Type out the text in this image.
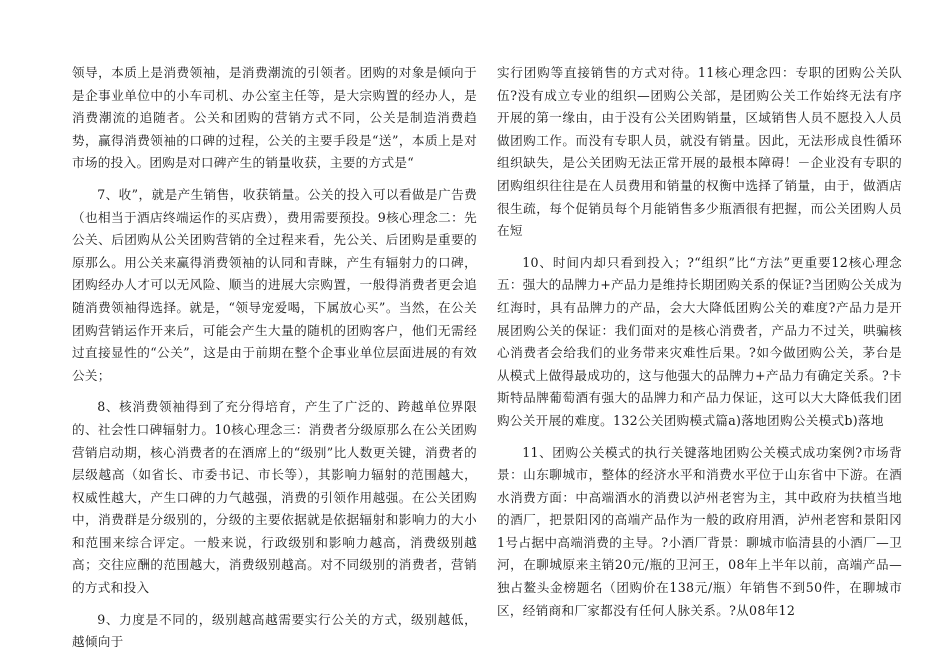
领导，本质上是消费领袖，是消费潮流的引领者。团购的对象是倾向于是企事业单位中的小车司机、办公室主任等，是大宗购置的经办人，是消费潮流的追随者。公关和团购的营销方式不同，公关是制造消费趋势，赢得消费领袖的口碑的过程，公关的主要手段是“送”，本质上是对市场的投入。团购是对口碑产生的销量收获，主要的方式是“

7、收”，就是产生销售，收获销量。公关的投入可以看做是广告费（也相当于酒店终端运作的买店费），费用需要预投。9核心理念二：先公关、后团购从公关团购营销的全过程来看，先公关、后团购是重要的原那么。用公关来赢得消费领袖的认同和青睐，产生有辐射力的口碑，团购经办人才可以无风险、顺当的进展大宗购置，一般得消费者更会追随消费领袖得选择。就是，“领导宠爱喝，下属放心买”。当然，在公关团购营销运作开来后，可能会产生大量的随机的团购客户，他们无需经过直接显性的“公关”，这是由于前期在整个企事业单位层面进展的有效公关；

8、核消费领袖得到了充分得培育，产生了广泛的、跨越单位界限的、社会性口碑辐射力。10核心理念三：消费者分级原那么在公关团购营销启动期，核心消费者的在酒席上的“级别”比人数更关键，消费者的层级越高（如省长、市委书记、市长等），其影响力辐射的范围越大，权威性越大，产生口碑的力气越强，消费的引领作用越强。在公关团购中，消费群是分级别的，分级的主要依据就是依据辐射和影响力的大小和范围来综合评定。一般来说，行政级别和影响力越高，消费级别越高；交往应酬的范围越大，消费级别越高。对不同级别的消费者，营销的方式和投入

9、力度是不同的，级别越高越需要实行公关的方式，级别越低，越倾向于

实行团购等直接销售的方式对待。11核心理念四：专职的团购公关队伍?没有成立专业的组织—团购公关部，是团购公关工作始终无法有序开展的第一缘由，由于没有公关团购销量，区域销售人员不愿投入人员做团购工作。而没有专职人员，就没有销量。因此，无法形成良性循环组织缺失，是公关团购无法正常开展的最根本障碍！－企业没有专职的团购组织往往是在人员费用和销量的权衡中选择了销量，由于，做酒店很生疏，每个促销员每个月能销售多少瓶酒很有把握，而公关团购人员在短

10、时间内却只看到投入；?“组织”比“方法”更重要12核心理念五：强大的品牌力+产品力是维持长期团购关系的保证?当团购公关成为红海时，具有品牌力的产品，会大大降低团购公关的难度?产品力是开展团购公关的保证：我们面对的是核心消费者，产品力不过关，哄骗核心消费者会给我们的业务带来灾难性后果。?如今做团购公关，茅台是从模式上做得最成功的，这与他强大的品牌力+产品力有确定关系。?卡斯特品牌葡萄酒有强大的品牌力和产品力保证，这可以大大降低我们团购公关开展的难度。132公关团购模式篇a)落地团购公关模式b)落地

11、团购公关模式的执行关键落地团购公关模式成功案例?市场背景：山东聊城市，整体的经济水平和消费水平位于山东省中下游。在酒水消费方面：中高端酒水的消费以泸州老窖为主，其中政府为扶植当地的酒厂，把景阳冈的高端产品作为一般的政府用酒，泸州老窖和景阳冈1号占据中高端消费的主导。?小酒厂背景：聊城市临清县的小酒厂—卫河，在聊城原来主销20元/瓶的卫河王，08年上半年以前，高端产品—独占鳌头金榜题名（团购价在138元/瓶）年销售不到50件，在聊城市区，经销商和厂家都没有任何人脉关系。?从08年12
